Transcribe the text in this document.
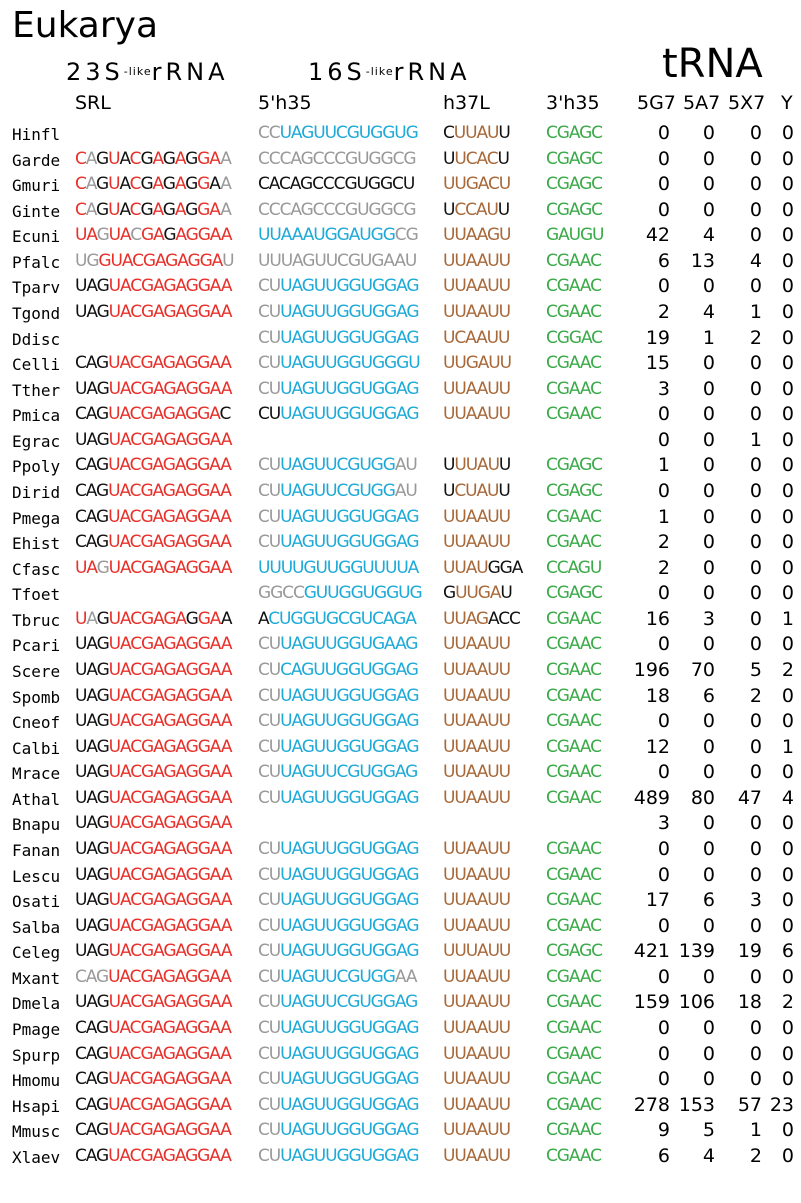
Eukarya
$23S^{-like}rRNA$	$16S^{-like}rRNA$	tRNA
SRL	5'h35	h37L	3'h35 5G7 5A7 5X7 Y
Hinfl	CCUAGUUCGUGGUG CUUAUU CGAGC	0	0	0	0
Garde CAGUACGAGAGGAA CCCAGCCCGUGGCG UUCACU CGAGC	0	0	0	0
Gmuri CAGUACGAGAGGAA CACAGCCCGUGGCU UUGACU CGAGC	0	0	0	0
Ginte CAGUACGAGAGGAA CCCAGCCCGUGGCG UCCAUU CGAGC	0	0	0	0
Ecuni UAGUACGAGAGGAA UUAAAUGGAUGGCG UUAAGU GAUGU	42	4	0	0
Pfalc UGGUACGAGAGGAU UUUAGUUCGUGAAU UUAAUU CGAAC	6	13	4	0
Tparv UAGUACGAGAGGAA CUUAGUUGGUGGAG UUAAUU CGAAC	0	0	0	0
Tgond UAGUACGAGAGGAA CUUAGUUGGUGGAG UUAAUU CGAAC	2	4	1	0
Ddisc	CUUAGUUGGUGGAG UCAAUU CGGAC	19	1	2	0
Celli CAGUACGAGAGGAA CUUAGUUGGUGGGU UUGAUU CGAAC	15	0	0	0
Tther UAGUACGAGAGGAA CUUAGUUGGUGGAG UUAAUU CGAAC	3	0	0	0
Pmica CAGUACGAGAGGAC CUUAGUUGGUGGAG UUAAUU CGAAC	0	0	0	0
Egrac UAGUACGAGAGGAA	0	0	1	0
Ppoly CAGUACGAGAGGAA CUUAGUUCGUGGAU UUUAUU CGAGC	1	0	0	0
Dirid CAGUACGAGAGGAA CUUAGUUCGUGGAU UCUAUU CGAGC	0	0	0	0
Pmega CAGUACGAGAGGAA CUUAGUUGGUGGAG UUAAUU CGAAC	1	0	0	0
Ehist CAGUACGAGAGGAA CUUAGUUGGUGGAG UUAAUU CGAAC	2	0	0	0
Cfasc UAGUACGAGAGGAA UUUUGUUGGUUUUA UUAUGGA CCAGU	2	0	0	0
Tfoet	GGCCGUUGGUGGUG GUUGAU CGAGC	0	0	0	0
Tbruc UAGUACGAGAGGAA ACUGGUGCGUCAGA UUAGACC CGAAC	16	3	0	1
Pcari UAGUACGAGAGGAA CUUAGUUGGUGAAG UUAAUU CGAAC	0	0	0	0
Scere UAGUACGAGAGGAA CUCAGUUGGUGGAG UUAAUU CGAAC 196	70	5	2
Spomb UAGUACGAGAGGAA CUUAGUUGGUGGAG UUAAUU CGAAC	18	6	2	0
Cneof UAGUACGAGAGGAA CUUAGUUGGUGGAG UUAAUU CGAAC	0	0	0	0
Calbi UAGUACGAGAGGAA CUUAGUUGGUGGAG UUAAUU CGAAC	12	0	0	1
Mrace UAGUACGAGAGGAA CUUAGUUCGUGGAG UUAAUU CGAAC	0	0	0	0
Athal UAGUACGAGAGGAA CUUAGUUGGUGGAG UUAAUU CGAAC 489	80	47	4
Bnapu UAGUACGAGAGGAA	3	0	0	0
Fanan UAGUACGAGAGGAA CUUAGUUGGUGGAG UUAAUU CGAAC	0	0	0	0
Lescu UAGUACGAGAGGAA CUUAGUUGGUGGAG UUAAUU CGAAC	0	0	0	0
Osati UAGUACGAGAGGAA CUUAGUUGGUGGAG UUAAUU CGAAC	17	6	3	0
Salba UAGUACGAGAGGAA CUUAGUUGGUGGAG UUAAUU CGAAC	0	0	0	0
Celeg UAGUACGAGAGGAA CUUAGUUGGUGGAG UUUAUU CGAGC 421 139	19	6
Mxant CAGUACGAGAGGAA CUUAGUUCGUGGAA UUAAUU CGAAC	0	0	0	0
Dmela UAGUACGAGAGGAA CUUAGUUCGUGGAG UUAAUU CGAAC 159 106	18	2
Pmage CAGUACGAGAGGAA CUUAGUUGGUGGAG UUAAUU CGAAC	0	0	0	0
Spurp CAGUACGAGAGGAA CUUAGUUGGUGGAG UUAAUU CGAAC	0	0	0	0
Hmomu CAGUACGAGAGGAA CUUAGUUGGUGGAG UUAAUU CGAAC	0	0	0	0
Hsapi CAGUACGAGAGGAA CUUAGUUGGUGGAG UUAAUU CGAAC 278 153	57 23
Mmusc CAGUACGAGAGGAA CUUAGUUGGUGGAG UUAAUU CGAAC	9	5	1	0
Xlaev CAGUACGAGAGGAA CUUAGUUGGUGGAG UUAAUU CGAAC	6	4	2	0
